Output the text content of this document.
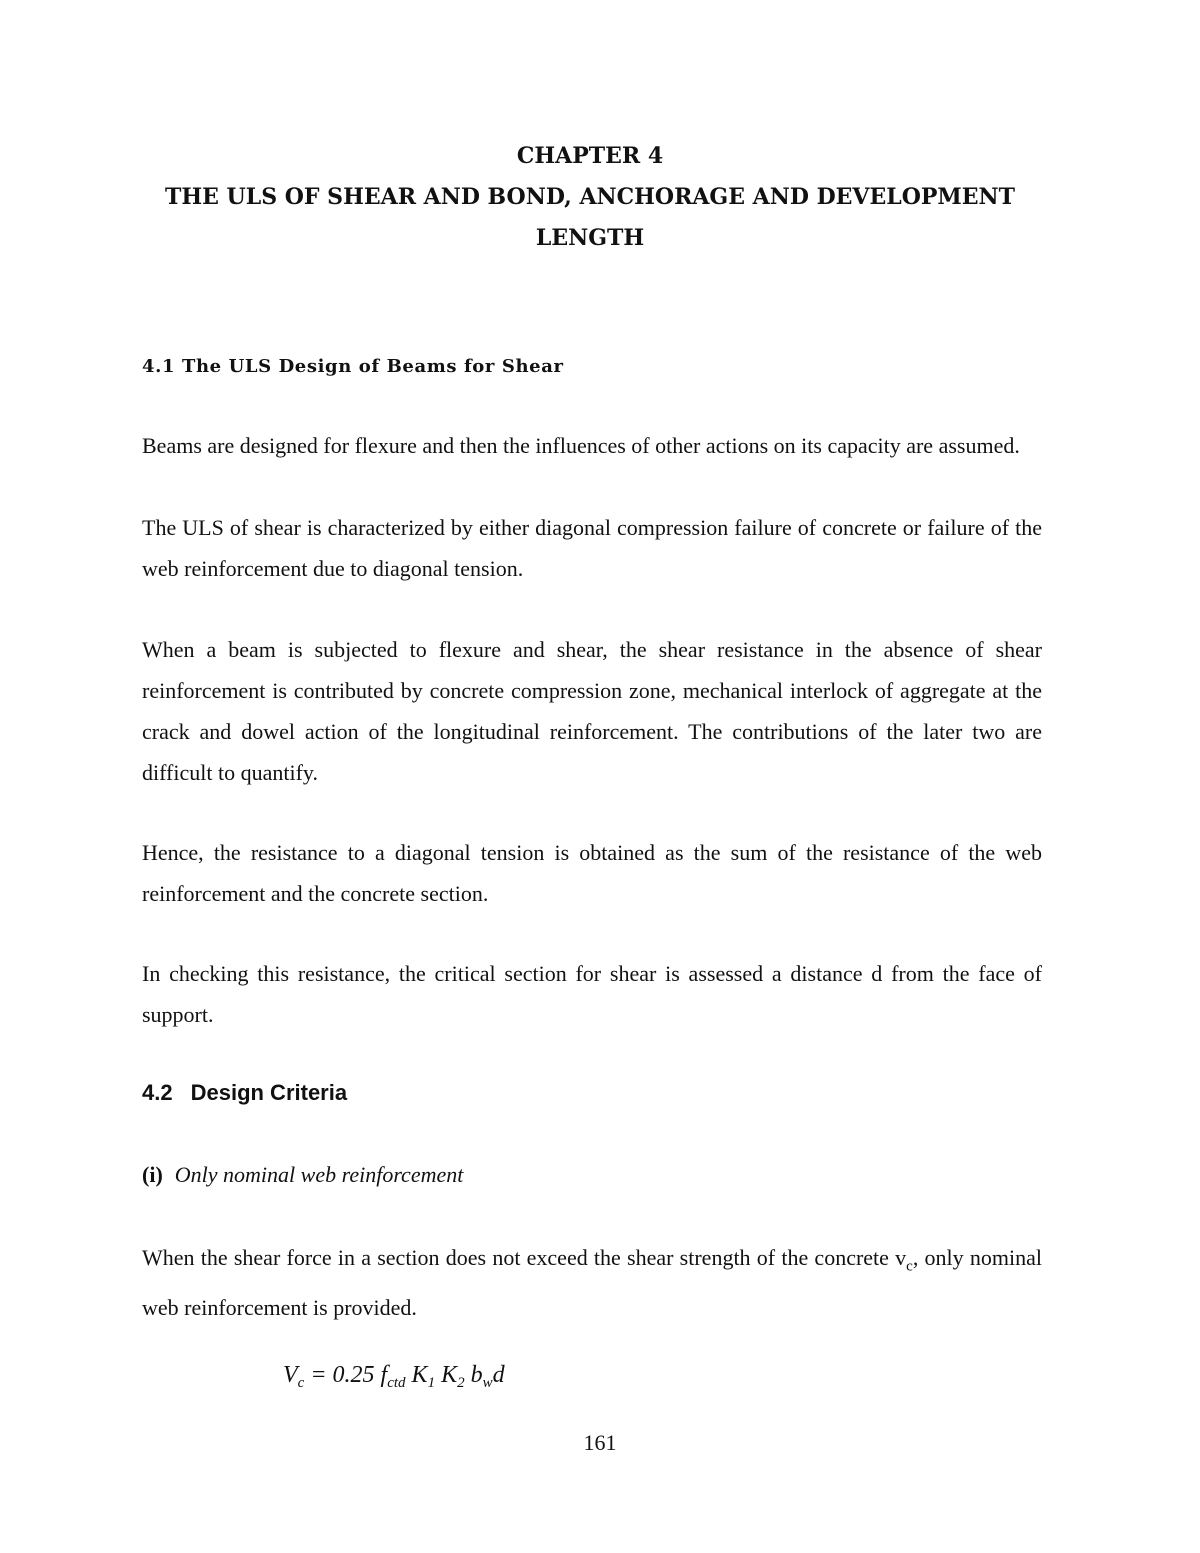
CHAPTER 4
THE ULS OF SHEAR AND BOND, ANCHORAGE AND DEVELOPMENT
LENGTH
4.1 The ULS Design of Beams for Shear

Beams are designed for flexure and then the influences of other actions on its capacity are assumed.

The ULS of shear is characterized by either diagonal compression failure of concrete or failure of the web reinforcement due to diagonal tension.

When a beam is subjected to flexure and shear, the shear resistance in the absence of shear reinforcement is contributed by concrete compression zone, mechanical interlock of aggregate at the crack and dowel action of the longitudinal reinforcement. The contributions of the later two are difficult to quantify.

Hence, the resistance to a diagonal tension is obtained as the sum of the resistance of the web reinforcement and the concrete section.

In checking this resistance, the critical section for shear is assessed a distance d from the face of support.

4.2 Design Criteria
(i) Only nominal web reinforcement

When the shear force in a section does not exceed the shear strength of the concrete $v_c$, only nominal web reinforcement is provided.

$V_c = 0.25$ $f_{ctd}$ $K_1$ $K_2$ $b_wd$
161
